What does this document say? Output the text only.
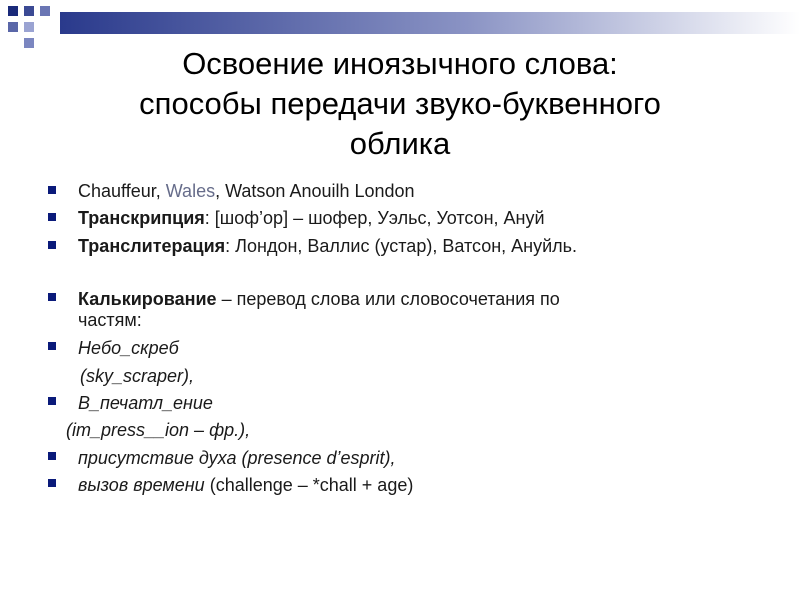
Освоение иноязычного слова:
способы передачи звуко-буквенного
облика
Chauffeur, Wales, Watson Anouilh London
Транскрипция: [шоф’ор] – шофер, Уэльс, Уотсон, Ануй
Транслитерация: Лондон, Валлис (устар), Ватсон, Ануйль.
Калькирование – перевод слова или словосочетания по
частям:
Небо_скреб
(sky_scraper),
В_печатл_ение
(im_press__ion – фр.),
присутствие духа (presence d’esprit),
вызов времени (challenge – *chall + age)
